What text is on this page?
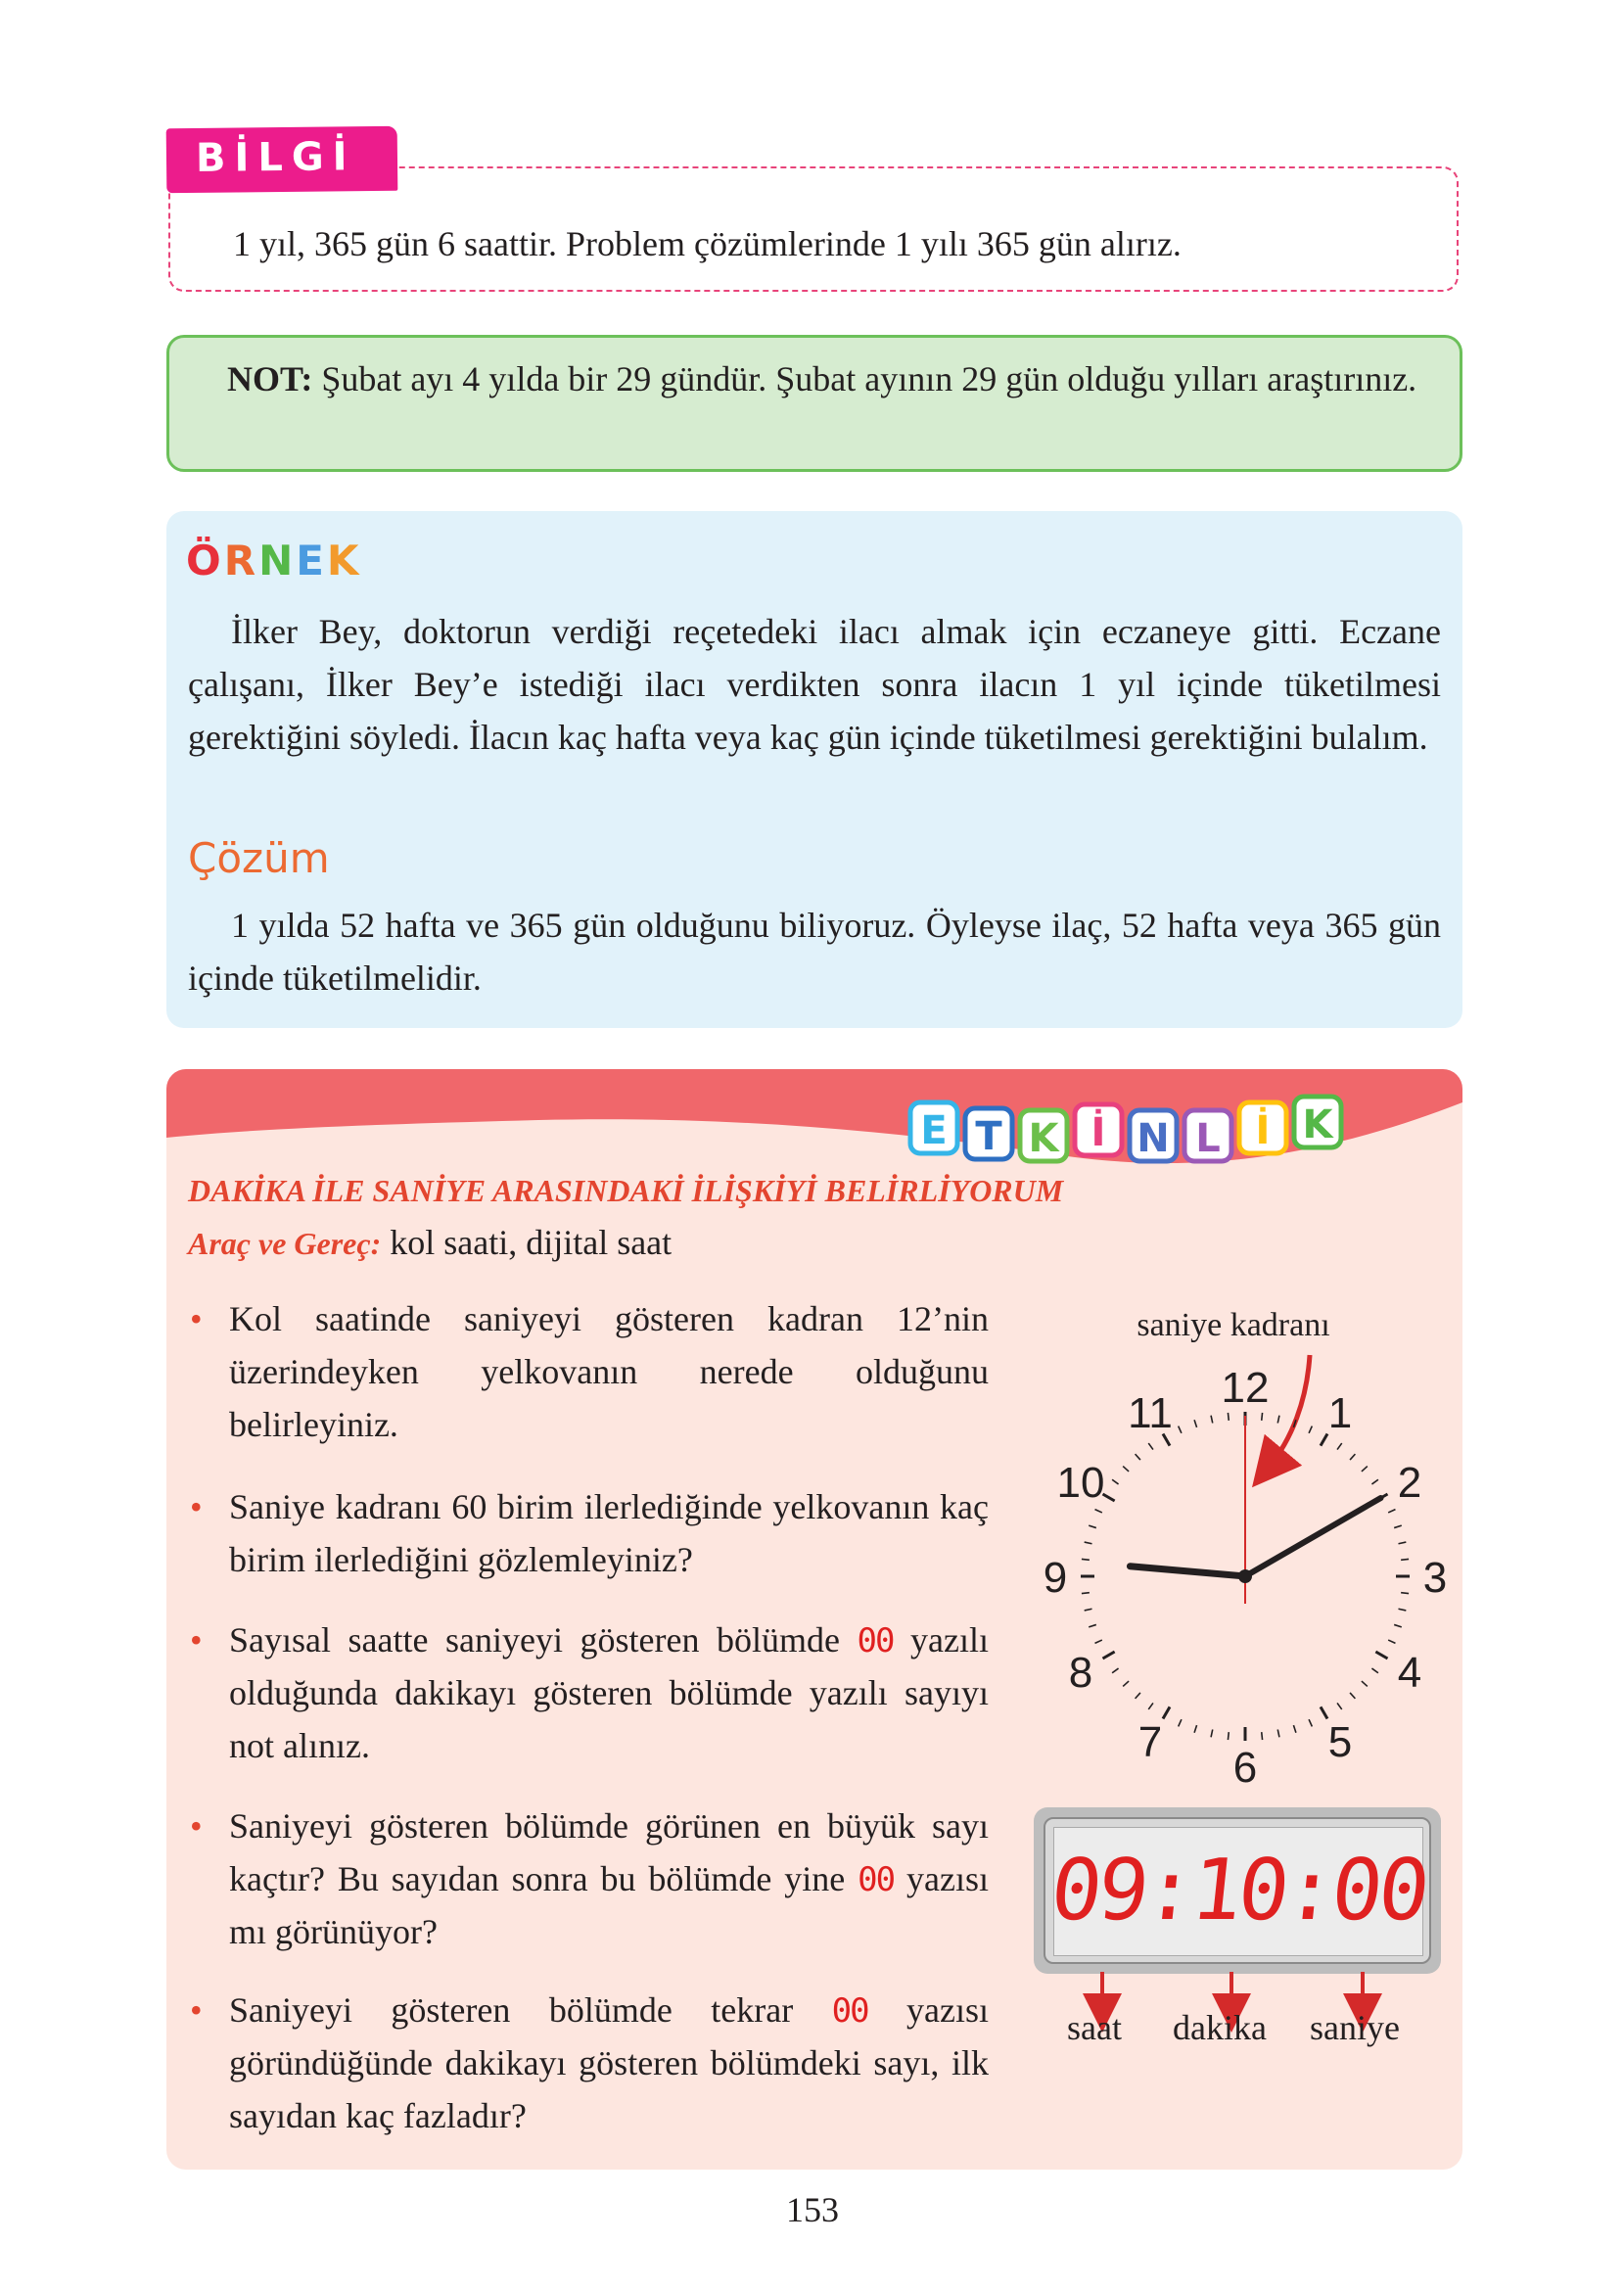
BİLGİ
1 yıl, 365 gün 6 saattir. Problem çözümlerinde 1 yılı 365 gün alırız.
NOT: Şubat ayı 4 yılda bir 29 gündür. Şubat ayının 29 gün olduğu yılları araştırınız.
ÖRNEK
İlker Bey, doktorun verdiği reçetedeki ilacı almak için eczaneye gitti. Eczane çalışanı, İlker Bey’e istediği ilacı verdikten sonra ilacın 1 yıl içinde tüketilmesi gerektiğini söyledi. İlacın kaç hafta veya kaç gün içinde tüketilmesi gerektiğini bulalım.
Çözüm
1 yılda 52 hafta ve 365 gün olduğunu biliyoruz. Öyleyse ilaç, 52 hafta veya 365 gün içinde tüketilmelidir.
E T K İ N L İ K
DAKİKA İLE SANİYE ARASINDAKİ İLİŞKİYİ BELİRLİYORUM
Araç ve Gereç: kol saati, dijital saat
• Kol saatinde saniyeyi gösteren kadran 12’nin üzerindeyken yelkovanın nerede olduğunu belirleyiniz.
• Saniye kadranı 60 birim ilerlediğinde yelkovanın kaç birim ilerlediğini gözlemleyiniz?
• Sayısal saatte saniyeyi gösteren bölümde 00 yazılı olduğunda dakikayı gösteren bölümde yazılı sayıyı not alınız.
• Saniyeyi gösteren bölümde görünen en büyük sayı kaçtır? Bu sayıdan sonra bu bölümde yine 00 yazısı mı görünüyor?
• Saniyeyi gösteren bölümde tekrar 00 yazısı göründüğünde dakikayı gösteren bölümdeki sayı, ilk sayıdan kaç fazladır?
saniye kadranı
12
1
2
3
4
5
6
7
8
9
10
11
09:10:00
saat dakika saniye
153
